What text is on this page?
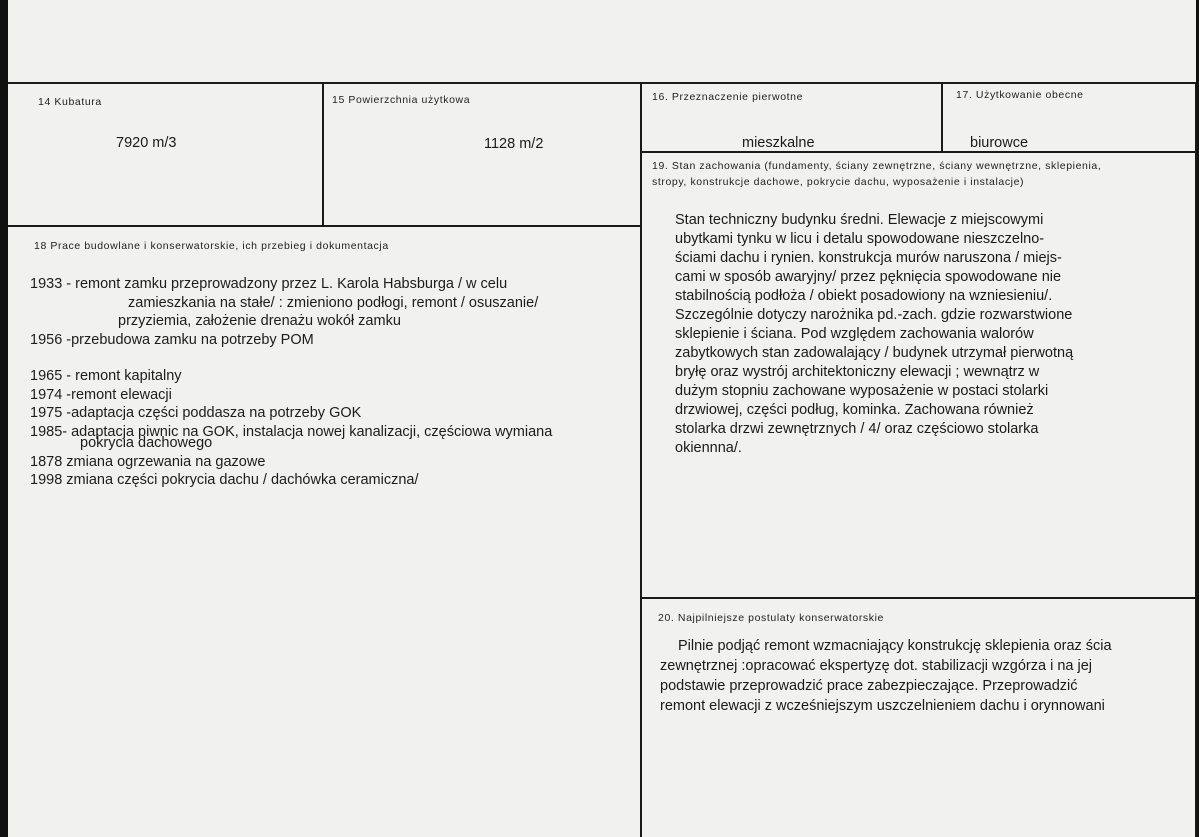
14 Kubatura
7920 m/3
15 Powierzchnia użytkowa
1128 m/2
16. Przeznaczenie pierwotne
mieszkalne
17. Użytkowanie obecne
biurowce
18 Prace budowlane i konserwatorskie, ich przebieg i dokumentacja
1933 - remont zamku przeprowadzony przez L. Karola Habsburga / w celu
zamieszkania na stałe/ : zmieniono podłogi, remont / osuszanie/
przyziemia, założenie drenażu wokół zamku
1956 -przebudowa zamku na potrzeby POM
1965 - remont kapitalny
1974 -remont elewacji
1975 -adaptacja części poddasza na potrzeby GOK
1985- adaptacja piwnic na GOK, instalacja nowej kanalizacji, częściowa wymiana
pokrycia dachowego
1878 zmiana ogrzewania na gazowe
1998 zmiana części pokrycia dachu / dachówka ceramiczna/
19. Stan zachowania (fundamenty, ściany zewnętrzne, ściany wewnętrzne, sklepienia,
stropy, konstrukcje dachowe, pokrycie dachu, wyposażenie i instalacje)
Stan techniczny budynku średni. Elewacje z miejscowymi
ubytkami tynku w licu i detalu spowodowane nieszczelno-
ściami dachu i rynien. konstrukcja murów naruszona / miejs-
cami w sposób awaryjny/ przez pęknięcia spowodowane nie
stabilnością podłoża / obiekt posadowiony na wzniesieniu/.
Szczególnie dotyczy narożnika pd.-zach. gdzie rozwarstwione
sklepienie i ściana. Pod względem zachowania walorów
zabytkowych stan zadowalający / budynek utrzymał pierwotną
bryłę oraz wystrój architektoniczny elewacji ; wewnątrz w
dużym stopniu zachowane wyposażenie w postaci stolarki
drzwiowej, części podług, kominka. Zachowana również
stolarka drzwi zewnętrznych / 4/ oraz częściowo stolarka
okiennna/.
20. Najpilniejsze postulaty konserwatorskie
Pilnie podjąć remont wzmacniający konstrukcję sklepienia oraz ścia
zewnętrznej :opracować ekspertyzę dot. stabilizacji wzgórza i na jej
podstawie przeprowadzić prace zabezpieczające. Przeprowadzić
remont elewacji z wcześniejszym uszczelnieniem dachu i orynnowani
